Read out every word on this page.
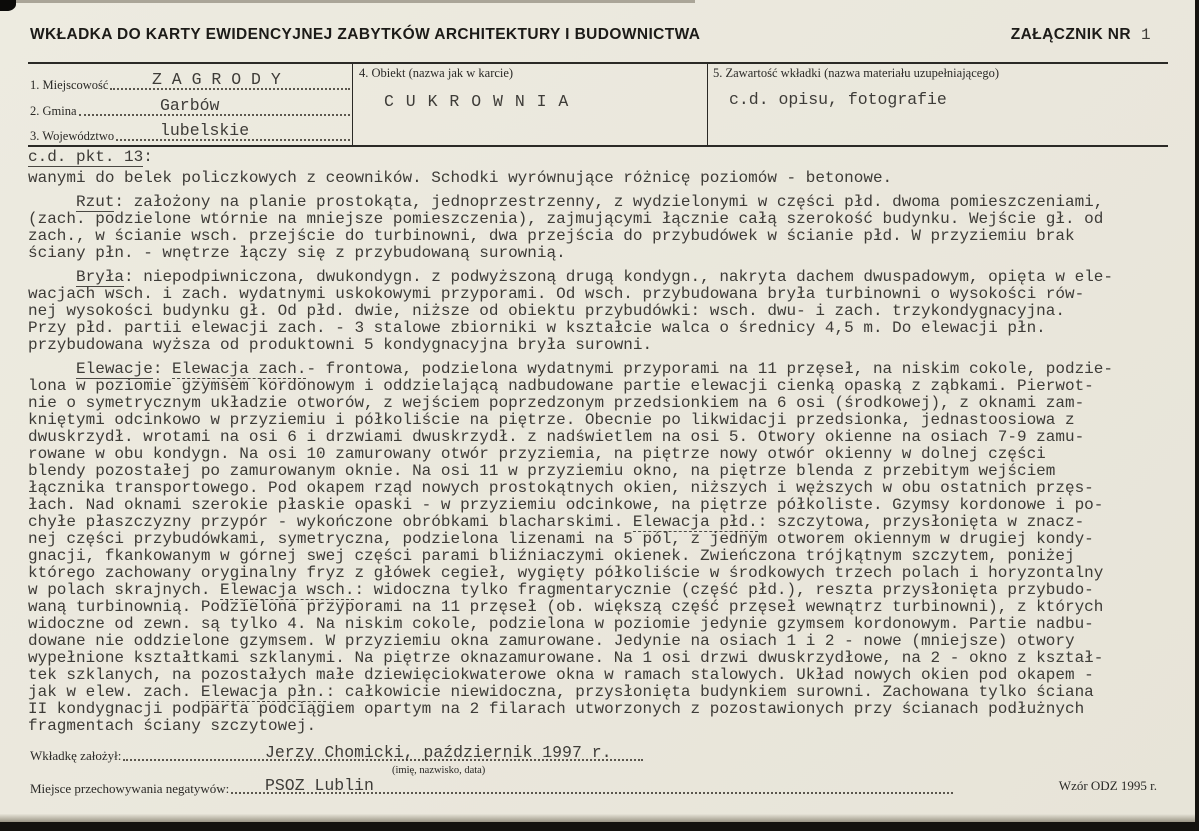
WKŁADKA DO KARTY EWIDENCYJNEJ ZABYTKÓW ARCHITEKTURY I BUDOWNICTWA	ZAŁĄCZNIK NR 1
1. Miejscowość	Z A G R O D Y
2. Gmina	Garbów
3. Województwo	lubelskie
4. Obiekt (nazwa jak w karcie)
C U K R O W N I A
5. Zawartość wkładki (nazwa materiału uzupełniającego)
c.d. opisu, fotografie
c.d. pkt. 13:
wanymi do belek policzkowych z ceowników. Schodki wyrównujące różnicę poziomów - betonowe.
Rzut: założony na planie prostokąta, jednoprzestrzenny, z wydzielonymi w części płd. dwoma pomieszczeniami,
(zach. podzielone wtórnie na mniejsze pomieszczenia), zajmującymi łącznie całą szerokość budynku. Wejście gł. od
zach., w ścianie wsch. przejście do turbinowni, dwa przejścia do przybudówek w ścianie płd. W przyziemiu brak
ściany płn. - wnętrze łączy się z przybudowaną surownią.
Bryła: niepodpiwniczona, dwukondygn. z podwyższoną drugą kondygn., nakryta dachem dwuspadowym, opięta w ele-
wacjach wsch. i zach. wydatnymi uskokowymi przyporami. Od wsch. przybudowana bryła turbinowni o wysokości rów-
nej wysokości budynku gł. Od płd. dwie, niższe od obiektu przybudówki: wsch. dwu- i zach. trzykondygnacyjna.
Przy płd. partii elewacji zach. - 3 stalowe zbiorniki w kształcie walca o średnicy 4,5 m. Do elewacji płn.
przybudowana wyższa od produktowni 5 kondygnacyjna bryła surowni.
Elewacje: Elewacja zach.- frontowa, podzielona wydatnymi przyporami na 11 przęseł, na niskim cokole, podzie-
lona w poziomie gzymsem kordonowym i oddzielającą nadbudowane partie elewacji cienką opaską z ząbkami. Pierwot-
nie o symetrycznym układzie otworów, z wejściem poprzedzonym przedsionkiem na 6 osi (środkowej), z oknami zam-
kniętymi odcinkowo w przyziemiu i półkoliście na piętrze. Obecnie po likwidacji przedsionka, jednastoosiowa z
dwuskrzydł. wrotami na osi 6 i drzwiami dwuskrzydł. z nadświetlem na osi 5. Otwory okienne na osiach 7-9 zamu-
rowane w obu kondygn. Na osi 10 zamurowany otwór przyziemia, na piętrze nowy otwór okienny w dolnej części
blendy pozostałej po zamurowanym oknie. Na osi 11 w przyziemiu okno, na piętrze blenda z przebitym wejściem
łącznika transportowego. Pod okapem rząd nowych prostokątnych okien, niższych i węższych w obu ostatnich przęs-
łach. Nad oknami szerokie płaskie opaski - w przyziemiu odcinkowe, na piętrze półkoliste. Gzymsy kordonowe i po-
chyłe płaszczyzny przypór - wykończone obróbkami blacharskimi. Elewacja płd.: szczytowa, przysłonięta w znacz-
nej części przybudówkami, symetryczna, podzielona lizenami na 5 pól, z jednym otworem okiennym w drugiej kondy-
gnacji, fkankowanym w górnej swej części parami bliźniaczymi okienek. Zwieńczona trójkątnym szczytem, poniżej
którego zachowany oryginalny fryz z główek cegieł, wygięty półkoliście w środkowych trzech polach i horyzontalny
w polach skrajnych. Elewacja wsch.: widoczna tylko fragmentarycznie (część płd.), reszta przysłonięta przybudo-
waną turbinownią. Podzielona przyporami na 11 przęseł (ob. większą część przęseł wewnątrz turbinowni), z których
widoczne od zewn. są tylko 4. Na niskim cokole, podzielona w poziomie jedynie gzymsem kordonowym. Partie nadbu-
dowane nie oddzielone gzymsem. W przyziemiu okna zamurowane. Jedynie na osiach 1 i 2 - nowe (mniejsze) otwory
wypełnione kształtkami szklanymi. Na piętrze oknazamurowane. Na 1 osi drzwi dwuskrzydłowe, na 2 - okno z kształ-
tek szklanych, na pozostałych małe dziewięciokwaterowe okna w ramach stalowych. Układ nowych okien pod okapem -
jak w elew. zach. Elewacja płn.: całkowicie niewidoczna, przysłonięta budynkiem surowni. Zachowana tylko ściana
II kondygnacji podparta podciągiem opartym na 2 filarach utworzonych z pozostawionych przy ścianach podłużnych
fragmentach ściany szczytowej.
Wkładkę założył:	Jerzy Chomicki, październik 1997 r.
(imię, nazwisko, data)
Miejsce przechowywania negatywów: PSOZ Lublin	Wzór ODZ 1995 r.
